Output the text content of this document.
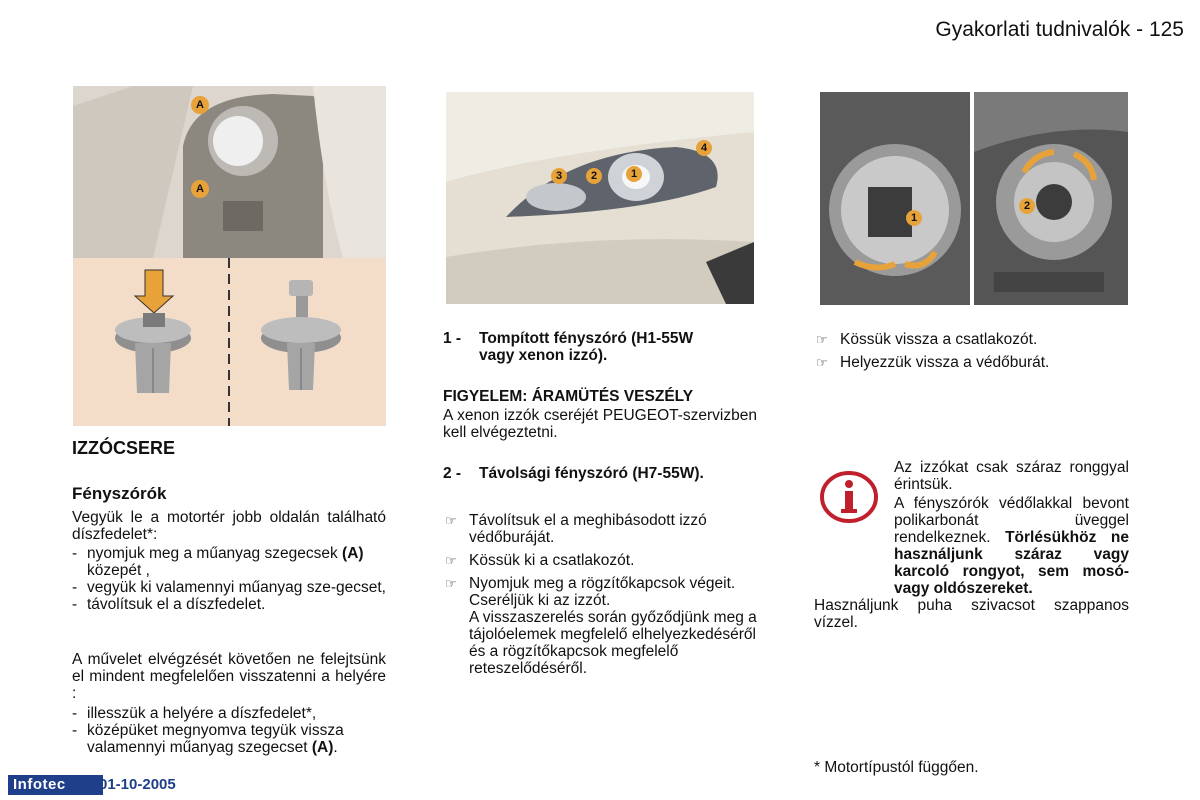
Gyakorlati tudnivalók - 125
A
A
IZZÓCSERE
Fényszórók
Vegyük le a motortér jobb oldalán található díszfedelet*:
- nyomjuk meg a műanyag szegecsek (A) közepét ,
- vegyük ki valamennyi műanyag sze-gecset,
- távolítsuk el a díszfedelet.
A művelet elvégzését követően ne felejtsünk el mindent megfelelően visszatenni a helyére :
- illesszük a helyére a díszfedelet*,
- középüket megnyomva tegyük vissza valamennyi műanyag szegecset (A).
3	2	1
4
1 - Tompított fényszóró (H1-55W vagy xenon izzó).
FIGYELEM: ÁRAMÜTÉS VESZÉLY
A xenon izzók cseréjét PEUGEOT-szervizben kell elvégeztetni.
2 - Távolsági fényszóró (H7-55W).
☞ Távolítsuk el a meghibásodott izzó védőburáját.
☞ Kössük ki a csatlakozót.
☞ Nyomjuk meg a rögzítőkapcsok végeit. Cseréljük ki az izzót.
A visszaszerelés során győződjünk meg a tájolóelemek megfelelő elhelyezkedéséről és a rögzítőkapcsok megfelelő reteszelődéséről.
1
2
☞ Kössük vissza a csatlakozót.
☞ Helyezzük vissza a védőburát.
Az izzókat csak száraz ronggyal érintsük.
A fényszórók védőlakkal bevont polikarbonát üveggel rendelkeznek. Törlésükhöz ne használjunk száraz vagy karcoló rongyot, sem mosó- vagy oldószereket.
Használjunk puha szivacsot szappanos vízzel.
* Motortípustól függően.
Infotec	01-10-2005
